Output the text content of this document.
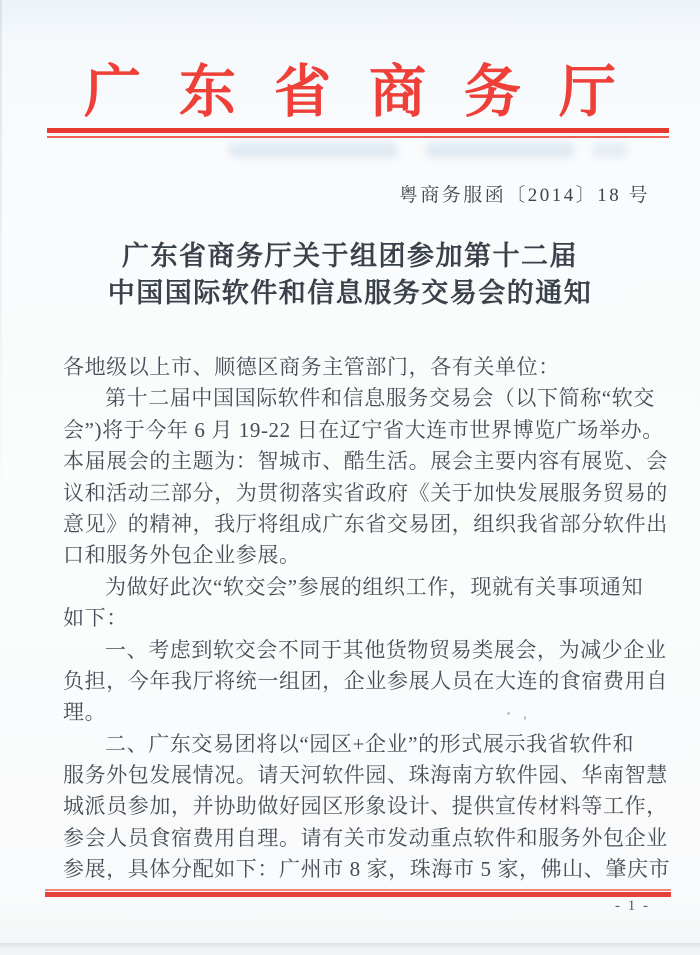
广东省商务厅
粤商务服函〔2014〕18 号
广东省商务厅关于组团参加第十二届
中国国际软件和信息服务交易会的通知
各地级以上市、顺德区商务主管部门，各有关单位：
第十二届中国国际软件和信息服务交易会（以下简称“软交
会”)将于今年 6 月 19-22 日在辽宁省大连市世界博览广场举办。
本届展会的主题为：智城市、酷生活。展会主要内容有展览、会
议和活动三部分，为贯彻落实省政府《关于加快发展服务贸易的
意见》的精神，我厅将组成广东省交易团，组织我省部分软件出
口和服务外包企业参展。
为做好此次“软交会”参展的组织工作，现就有关事项通知
如下：
一、考虑到软交会不同于其他货物贸易类展会，为减少企业
负担，今年我厅将统一组团，企业参展人员在大连的食宿费用自
理。
二、广东交易团将以“园区+企业”的形式展示我省软件和
服务外包发展情况。请天河软件园、珠海南方软件园、华南智慧
城派员参加，并协助做好园区形象设计、提供宣传材料等工作，
参会人员食宿费用自理。请有关市发动重点软件和服务外包企业
参展，具体分配如下：广州市 8 家，珠海市 5 家，佛山、肇庆市
- 1 -
